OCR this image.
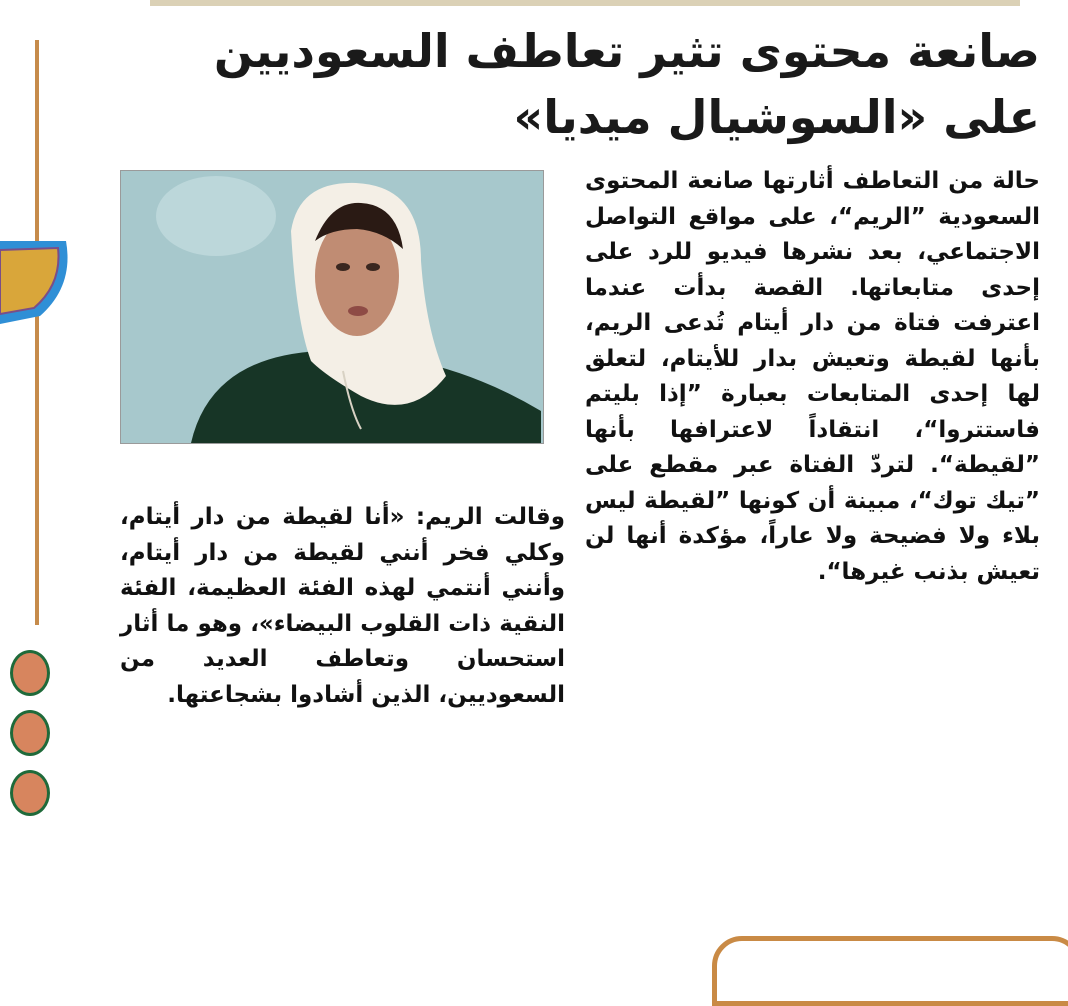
صانعة محتوى تثير تعاطف السعوديين على «السوشيال ميديا»

حالة من التعاطف أثارتها صانعة المحتوى السعودية ”الريم“، على مواقع التواصل الاجتماعي، بعد نشرها فيديو للرد على إحدى متابعاتها. القصة بدأت عندما اعترفت فتاة من دار أيتام تُدعى الريم، بأنها لقيطة وتعيش بدار للأيتام، لتعلق لها إحدى المتابعات بعبارة ”إذا بليتم فاستتروا“، انتقاداً لاعترافها بأنها ”لقيطة“. لتردّ الفتاة عبر مقطع على ”تيك توك“، مبينة أن كونها ”لقيطة ليس بلاء ولا فضيحة ولا عاراً، مؤكدة أنها لن تعيش بذنب غيرها“.

وقالت الريم: «أنا لقيطة من دار أيتام، وكلي فخر أنني لقيطة من دار أيتام، وأنني أنتمي لهذه الفئة العظيمة، الفئة النقية ذات القلوب البيضاء»، وهو ما أثار استحسان وتعاطف العديد من السعوديين، الذين أشادوا بشجاعتها.
